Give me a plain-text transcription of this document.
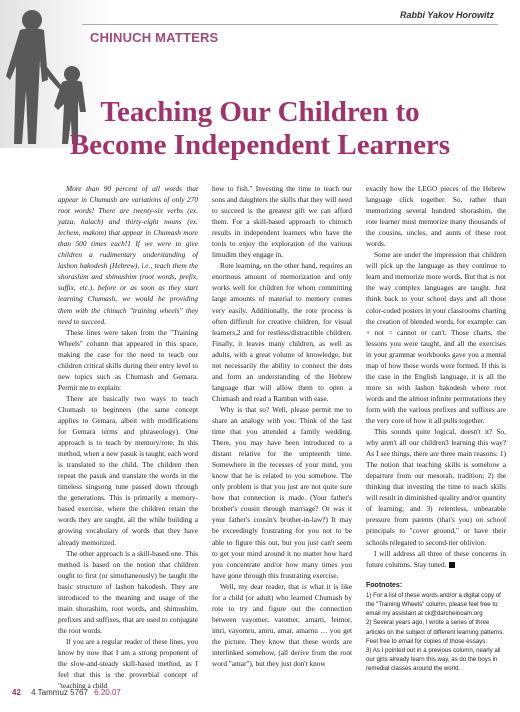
Rabbi Yakov Horowitz
CHINUCH MATTERS
Teaching Our Children to
Become Independent Learners

More than 90 percent of all words that appear in Chumash are variations of only 270 root words! There are twenty-six verbs (ex. yatza, halach) and thirty-eight nouns (ex. lechem, makom) that appear in Chumash more than 500 times each!1 If we were to give children a rudimentary understanding of lashon hakodesh (Hebrew), i.e., teach them the shorashim and shimushim (root words, prefix, suffix, etc.), before or as soon as they start learning Chumash, we would be providing them with the chinuch "training wheels" they need to succeed.

These lines were taken from the "Training Wheels" column that appeared in this space, making the case for the need to teach our children critical skills during their entry level to new topics such as Chumash and Gemara. Permit me to explain:

There are basically two ways to teach Chumash to beginners (the same concept applies to Gemara, albeit with modifications for Gemara terms and phraseology). One approach is to teach by memory/rote. In this method, when a new pasuk is taught, each word is translated to the child. The children then repeat the pasuk and translate the words in the timeless singsong tune passed down through the generations. This is primarily a memory-based exercise, where the children retain the words they are taught, all the while building a growing vocabulary of words that they have already memorized.

The other approach is a skill-based one. This method is based on the notion that children ought to first (or simultaneously) be taught the basic structure of lashon hakodesh. They are introduced to the meaning and usage of the main shorashim, root words, and shimushim, prefixes and suffixes, that are used to conjugate the root words.

If you are a regular reader of these lines, you know by now that I am a strong proponent of the slow-and-steady skill-based method, as I feel that this is the proverbial concept of "teaching a child

how to fish." Investing the time to teach our sons and daughters the skills that they will need to succeed is the greatest gift we can afford them. For a skill-based approach to chinuch results in independent learners who have the tools to enjoy the exploration of the various limudim they engage in.

Rote learning, on the other hand, requires an enormous amount of memorization and only works well for children for whom committing large amounts of material to memory comes very easily. Additionally, the rote process is often difficult for creative children, for visual learners,2 and for restless/distractible children. Finally, it leaves many children, as well as adults, with a great volume of knowledge, but not necessarily the ability to connect the dots and form an understanding of the Hebrew language that will allow them to open a Chumash and read a Ramban with ease.

Why is that so? Well, please permit me to share an analogy with you. Think of the last time that you attended a family wedding. There, you may have been introduced to a distant relative for the umpteenth time. Somewhere in the recesses of your mind, you know that he is related to you somehow. The only problem is that you just are not quite sure how that connection is made. (Your father's brother's cousin through marriage? Or was it your father's cousin's brother-in-law?) It may be exceedingly frustrating for you not to be able to figure this out, but you just can't seem to get your mind around it no matter how hard you concentrate and/or how many times you have gone through this frustrating exercise.

Well, my dear reader, that is what it is like for a child (or adult) who learned Chumash by rote to try and figure out the connection between vayomer, vatomer, amarti, leimor, imri, vayomru, amru, amar, amarnu … you get the picture. They know that these words are interlinked somehow, (all derive from the root word "amar"), but they just don't know

exactly how the LEGO pieces of the Hebrew language click together. So, rather than memorizing several hundred shorashim, the rote learner must memorize many thousands of the cousins, uncles, and aunts of these root words.

Some are under the impression that children will pick up the language as they continue to learn and memorize more words. But that is not the way complex languages are taught. Just think back to your school days and all those color-coded posters in your classrooms charting the creation of blended words, for example: can + not = cannot or can't. Those charts, the lessons you were taught, and all the exercises in your grammar workbooks gave you a mental map of how those words were formed. If this is the case in the English language, it is all the more so with lashon hakodesh where root words and the almost infinite permutations they form with the various prefixes and suffixes are the very core of how it all pulls together.

This sounds quite logical, doesn't it? So, why aren't all our children3 learning this way? As I see things, there are three main reasons: 1) The notion that teaching skills is somehow a departure from our mesorah, tradition; 2) the thinking that investing the time to teach skills will result in diminished quality and/or quantity of learning; and 3) relentless, unbearable pressure from parents (that's you) on school principals to "cover ground," or have their schools relegated to second-tier oblivion.

I will address all three of these concerns in future columns. Stay tuned.

Footnotes:

1) For a list of these words and/or a digital copy of the "Training Wheels" column, please feel free to email my assistant at ck@darcheinoam.org

2) Several years ago, I wrote a series of three articles on the subject of different learning patterns. Feel free to email for copies of those essays.

3) As I pointed out in a previous column, nearly all our girls already learn this way, as do the boys in remedial classes around the world.

42 4 Tammuz 5767 6.20.07
